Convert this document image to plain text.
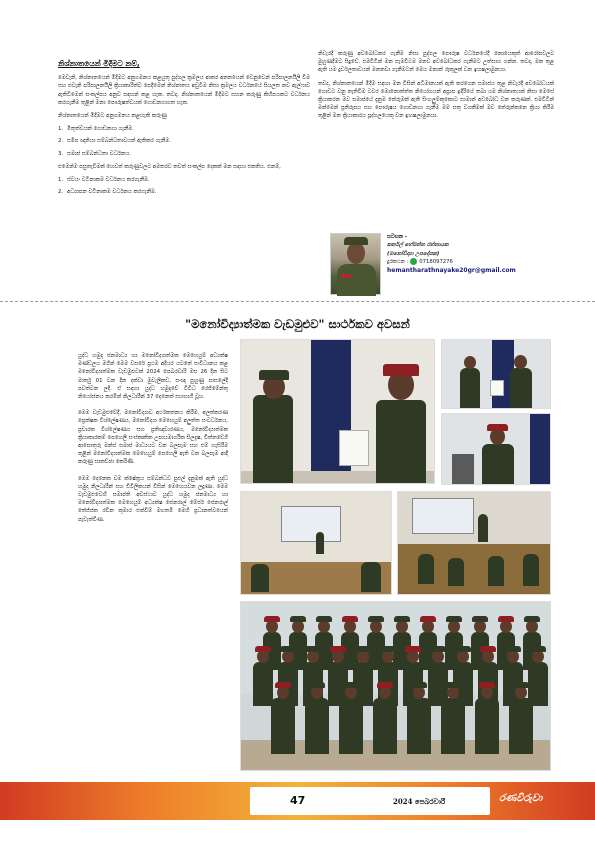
නිශ්නාතයෙන් මිදීමට නම්,
මෙවැනි, නිශ්නාතයෙන් මිදීමට අනුගමනය කළයුතු පුද්ගල ක්‍රමලය ආකර අනතයෙන් වෙනුවෙන් පරිපාලනයීලි විම සහ එවැනි පරිපාලනයීලි ක්‍රියාකාරිත්ව පෙදීමෙන් නිශ්නාතය අඩුවීම නිසා ක්‍රමලය වර්ධනයේ සියලත නව ඇල්ෆාව ඇතිවීමෙන් සංකල්පය අනුව සඳහන් කළ හැක. තවද, නිශ්නාතයෙන් මිදීමට සහන කරුණු කිහිපයකට වර්ධනය කරගැනීම තුළින් මනා පෞරුෂත්වයක් ගොඩනගාගත හැක.
නිශ්නාතයෙන් මිදීමට අනුගමනය කළහැකි කරුණු
1. මිතුත්වයක් ගොඩනගා ගැනීම.
2. සමීප ඥාතියා සම්බන්ධතාවයන් ඇතිකර ගැනීම.
3. සමාජ සම්බන්ධතා වර්ධනය.
එමෙන්ම පසුතැවීමක් හෙවත් කරුණුවලට අමතරව තවත් සංකල්ප දෙකක් මන සඳහා එකතිය. එනම්,
1. ස්වයං වටිනාකම වර්ධනය කරගැනීම.
2. අධ්‍යාපන වටිනාකම වර්ධනය කරගැනීම.
නිවැරදි කරුණු අවබෝධකර ගැනීම නිසා පුද්ගල පෞරුෂ වර්ධනයේදී නොයෙකුත් ආරෝපවලට මුහුණදීමට සිදුවේ. එමවිටින් මන සැමවිටම මනව අවබෝධකර ගැනීමට උත්සාහ ගන්න. තවද, මන තුළ ඇති යම දුර්වලතාවයන් මනනවා ගැනීමටත් මෙය මනාත් රුකුලක් වන ඉහෂලාමුනයා.
තවද, නිශ්නාතයෙන් මිදීම සඳහා මන විසින් අධිමානයක් ඇති කරගෙන සමාජය තුළ නිවැරදි අවබෝධයක් ගොඩට වනු නැතිවීම ටවර මොනොත්ත්ත නියෝගයන් අප්‍රාප ඉදිරියේ තබා යම නිශ්නාතයක් නිසා මෙසේ ක්‍රියාකරන මව සමාජයේ දැනුම තේරුමක් ඇති සිංහලුම්කුකොට සාමාන් අවබෝධ වන කරුණක්. එමවිටින් මන්මෙන් ප්‍රතිරූපය සහ පෞරුෂය ගොඩනගා ගැනීම මම සතු වගකීමක් මව තේරුන්කනෙ ක්‍රියා කිරීම තුළින් මන ක්‍රියාකාරය පූද්ගලයෙකු වන ඉහෂලාමුනයා.
සටහන -
කර්නල් හේමන්ත රත්නායක
(මනෝවිද්‍යා උපදේශක)
දුරකථන : 0718097276
hemantharathnayake20gr@gmail.com
"මනෝවිද්‍යාත්මක වැඩමුළුව" සාර්ථකව අවසන්
යුද්ධ හමුදා ජනමාධ්‍ය හා මනෝවිද්‍යාත්මක මෙහෙයුම් අධ්‍යක්ෂ මණ්ඩලය මගින් මෙම වසරේ ප්‍රථම අදියර යටතේ සංවිධානය කළ මනෝවිද්‍යාත්මක වැඩමුළුවක් 2024 පෙබරවාරි මස 26 දින සිට මාර්තු 01 වන දින දක්වා මුවැලිකඩ, සංඥා පුහුණු පාසලේදී පවත්වන ලදී. ඒ සඳහා යුද්ධ හමුදාවේ විවිධ රෙජිමේන්තු නියෝජනය කරමින් නිලධාරීන් 37 දෙනෙක් සහභාගී වූහ.
මෙම වැඩමුළුවේදී, මනෝවිද්‍යාව අර්ථකතනය කිරීම, අලත්කරණ ප්‍රෙක්ෂක විශ්ලේෂණය, මනෝවිද්‍යා මෙහෙයුම් අලුත්ත සංවර්ධනය, ප්‍රචාරක විශ්ලේෂණය සහ ප්‍රතිඥාචාරණය, මනෝවිද්‍යාත්මක ක්‍රියාකාරකම් පෙහෙලී සංස්කෘතික උපායමාර්ගික සිලදැෂ, චිත්තවේගී ආපොතුරු මන්ස් සමාජ මාධ්‍යයට වන බලපෑම සහ එම් හැසිරීම තුළින් මනෝවිද්‍යාත්මක මෙහෙයුම් පෙහෙලී ඇති වන බලපෑම ආදී කරුණු සාකච්ඡා කෙරිණි.
මෙම දෙනෙක වම ක්ෂේත්‍රය සම්බන්ධව පුළුල් දැනුමක් ඇති යුද්ධ හමුදා නිලධාරීන් සහ ඩිවිලිකයන් විසින් මෙහෙයවන ලදුණා. මෙම වැඩමුළුවෙහි සමාප්ති අවස්ථාව යුද්ධ හමුදා ජනමාධ්‍ය හා මනෝවිද්‍යාත්මක මෙහෙයුම් අධ්‍යක්ෂ ජෙනරාල් මේජර් ජෙනරාල් තේජ්ජක රවීන කුමාර එක්වීම් මහතමි මෙහි ප්‍රධානත්වයෙන් පැවැත්විණ.
47	2024 පෙබරවාරි	රණවිරුවා
